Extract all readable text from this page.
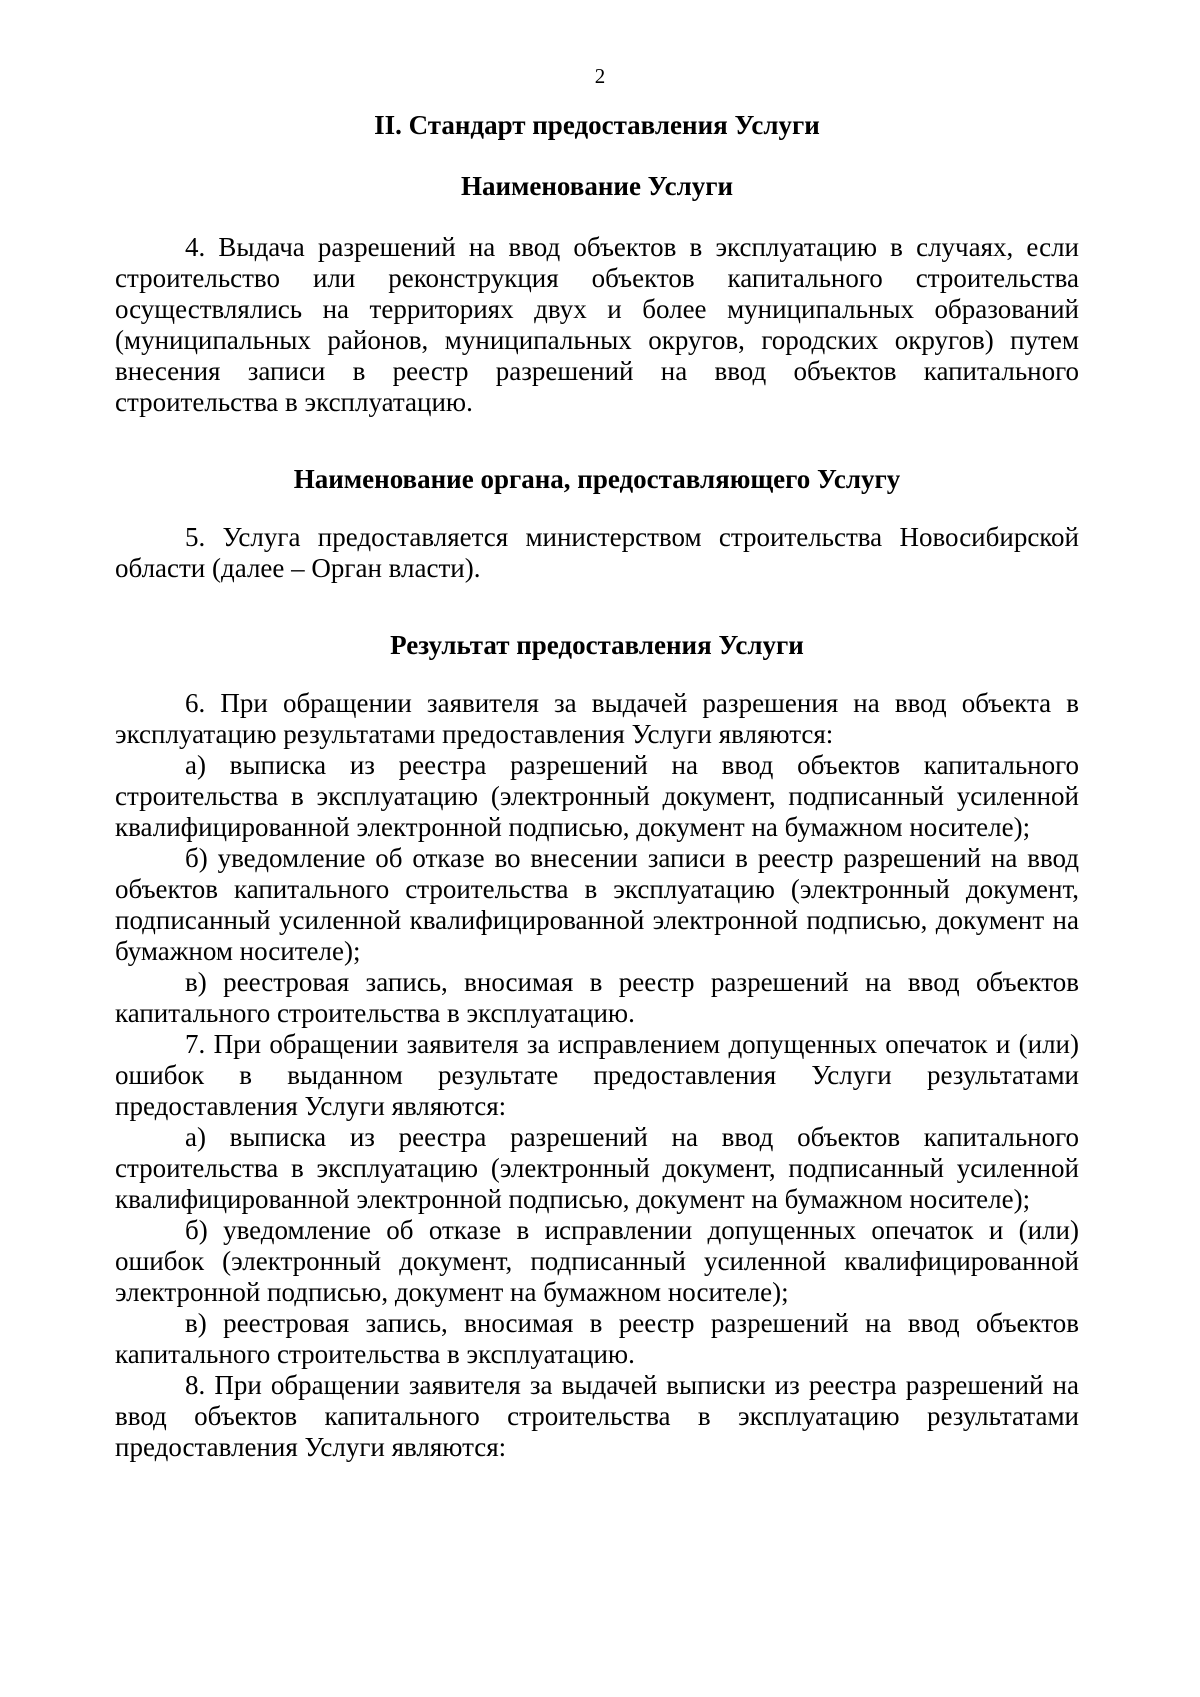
2

II. Стандарт предоставления Услуги

Наименование Услуги

4. Выдача разрешений на ввод объектов в эксплуатацию в случаях, если строительство или реконструкция объектов капитального строительства осуществлялись на территориях двух и более муниципальных образований (муниципальных районов, муниципальных округов, городских округов) путем внесения записи в реестр разрешений на ввод объектов капитального строительства в эксплуатацию.

Наименование органа, предоставляющего Услугу

5. Услуга предоставляется министерством строительства Новосибирской области (далее – Орган власти).

Результат предоставления Услуги

6. При обращении заявителя за выдачей разрешения на ввод объекта в эксплуатацию результатами предоставления Услуги являются:

а) выписка из реестра разрешений на ввод объектов капитального строительства в эксплуатацию (электронный документ, подписанный усиленной квалифицированной электронной подписью, документ на бумажном носителе);

б) уведомление об отказе во внесении записи в реестр разрешений на ввод объектов капитального строительства в эксплуатацию (электронный документ, подписанный усиленной квалифицированной электронной подписью, документ на бумажном носителе);

в) реестровая запись, вносимая в реестр разрешений на ввод объектов капитального строительства в эксплуатацию.

7. При обращении заявителя за исправлением допущенных опечаток и (или) ошибок в выданном результате предоставления Услуги результатами предоставления Услуги являются:

а) выписка из реестра разрешений на ввод объектов капитального строительства в эксплуатацию (электронный документ, подписанный усиленной квалифицированной электронной подписью, документ на бумажном носителе);

б) уведомление об отказе в исправлении допущенных опечаток и (или) ошибок (электронный документ, подписанный усиленной квалифицированной электронной подписью, документ на бумажном носителе);

в) реестровая запись, вносимая в реестр разрешений на ввод объектов капитального строительства в эксплуатацию.

8. При обращении заявителя за выдачей выписки из реестра разрешений на ввод объектов капитального строительства в эксплуатацию результатами предоставления Услуги являются:
